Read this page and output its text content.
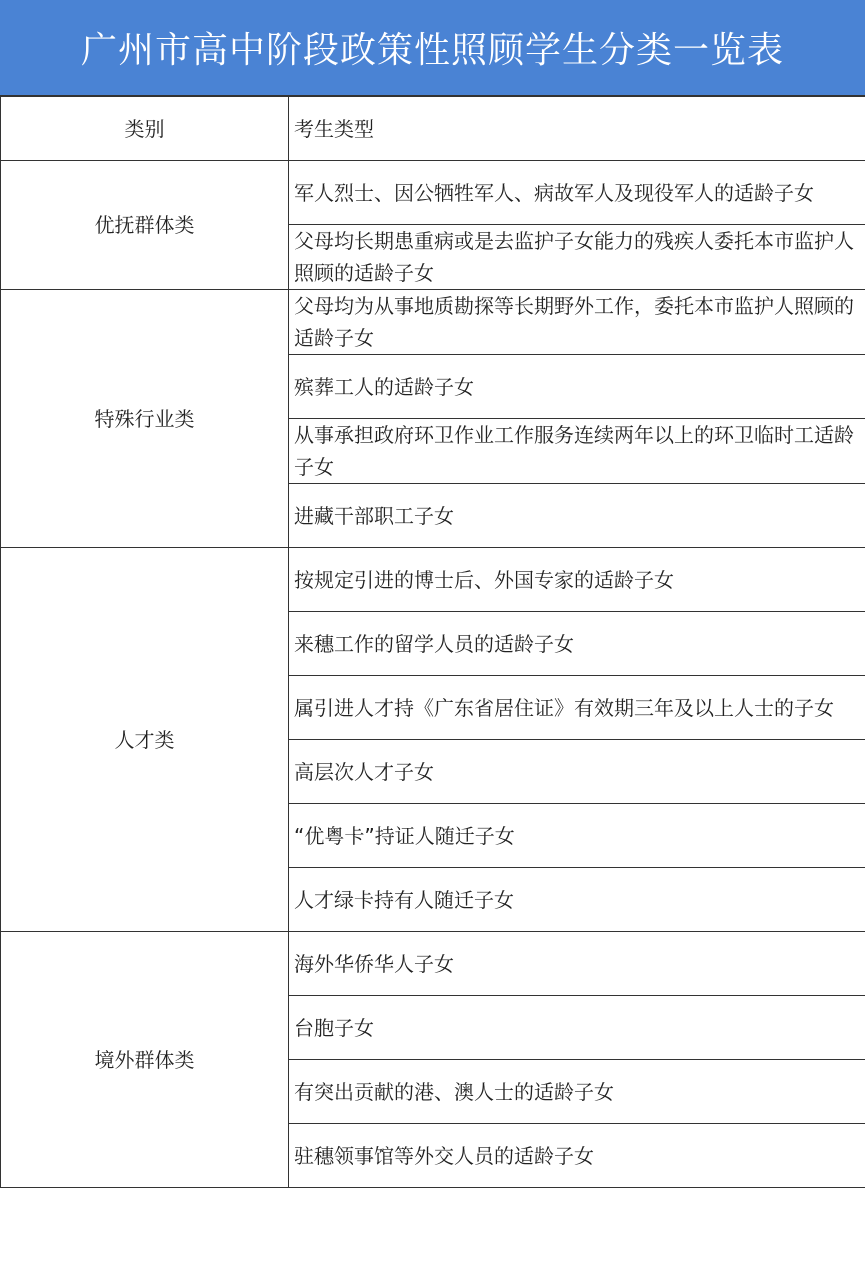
广州市高中阶段政策性照顾学生分类一览表
类别	考生类型
优抚群体类	军人烈士、因公牺牲军人、病故军人及现役军人的适龄子女
	父母均长期患重病或是去监护子女能力的残疾人委托本市监护人照顾的适龄子女
特殊行业类	父母均为从事地质勘探等长期野外工作，委托本市监护人照顾的适龄子女
	殡葬工人的适龄子女
	从事承担政府环卫作业工作服务连续两年以上的环卫临时工适龄子女
	进藏干部职工子女
人才类	按规定引进的博士后、外国专家的适龄子女
	来穗工作的留学人员的适龄子女
	属引进人才持《广东省居住证》有效期三年及以上人士的子女
	高层次人才子女
	“优粤卡”持证人随迁子女
	人才绿卡持有人随迁子女
境外群体类	海外华侨华人子女
	台胞子女
	有突出贡献的港、澳人士的适龄子女
	驻穗领事馆等外交人员的适龄子女
